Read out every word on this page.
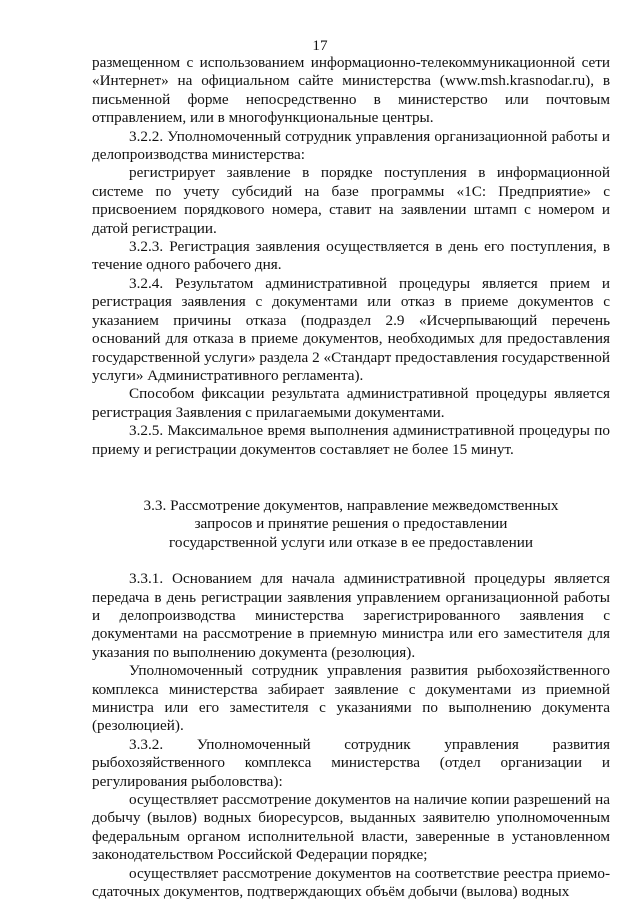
17

размещенном с использованием информационно-телекоммуникационной сети «Интернет» на официальном сайте министерства (www.msh.krasnodar.ru), в письменной форме непосредственно в министерство или почтовым отправлением, или в многофункциональные центры.

3.2.2. Уполномоченный сотрудник управления организационной работы и делопроизводства министерства:

регистрирует заявление в порядке поступления в информационной системе по учету субсидий на базе программы «1С: Предприятие» с присвоением порядкового номера, ставит на заявлении штамп с номером и датой регистрации.

3.2.3. Регистрация заявления осуществляется в день его поступления, в течение одного рабочего дня.

3.2.4. Результатом административной процедуры является прием и регистрация заявления с документами или отказ в приеме документов с указанием причины отказа (подраздел 2.9 «Исчерпывающий перечень оснований для отказа в приеме документов, необходимых для предоставления государственной услуги» раздела 2 «Стандарт предоставления государственной услуги» Административного регламента).

Способом фиксации результата административной процедуры является регистрация Заявления с прилагаемыми документами.

3.2.5. Максимальное время выполнения административной процедуры по приему и регистрации документов составляет не более 15 минут.

3.3. Рассмотрение документов, направление межведомственных
запросов и принятие решения о предоставлении
государственной услуги или отказе в ее предоставлении

3.3.1. Основанием для начала административной процедуры является передача в день регистрации заявления управлением организационной работы и делопроизводства министерства зарегистрированного заявления с документами на рассмотрение в приемную министра или его заместителя для указания по выполнению документа (резолюция).

Уполномоченный сотрудник управления развития рыбохозяйственного комплекса министерства забирает заявление с документами из приемной министра или его заместителя с указаниями по выполнению документа (резолюцией).

3.3.2. Уполномоченный сотрудник управления развития рыбохозяйственного комплекса министерства (отдел организации и регулирования рыболовства):

осуществляет рассмотрение документов на наличие копии разрешений на добычу (вылов) водных биоресурсов, выданных заявителю уполномоченным федеральным органом исполнительной власти, заверенные в установленном законодательством Российской Федерации порядке;

осуществляет рассмотрение документов на соответствие реестра приемо-сдаточных документов, подтверждающих объём добычи (вылова) водных
